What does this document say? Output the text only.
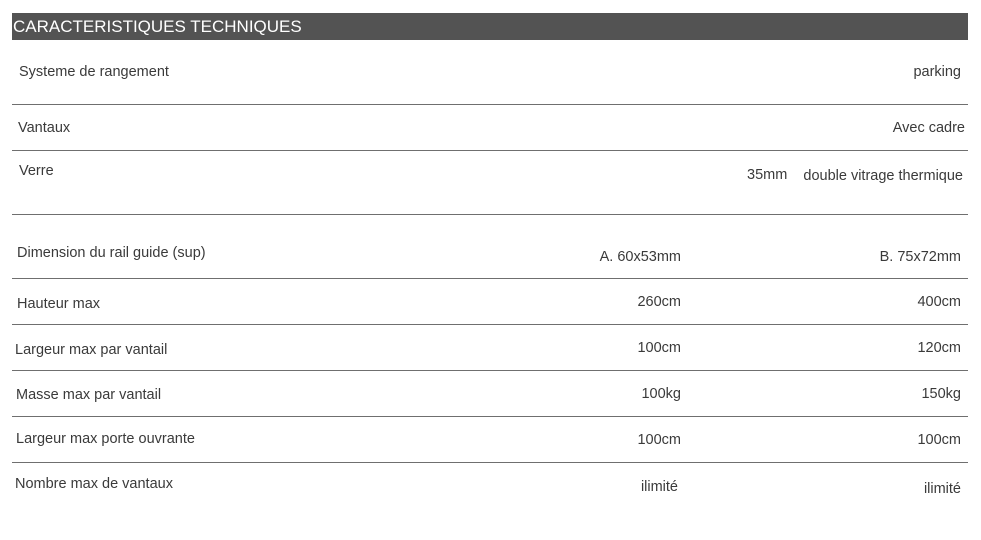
CARACTERISTIQUES TECHNIQUES
Systeme de rangement	parking
Vantaux	Avec cadre
Verre	35mm double vitrage thermique
Dimension du rail guide (sup)	A. 60x53mm	B. 75x72mm
Hauteur max	260cm	400cm
Largeur max par vantail	100cm	120cm
Masse max par vantail	100kg	150kg
Largeur max porte ouvrante	100cm	100cm
Nombre max de vantaux	ilimité	ilimité
